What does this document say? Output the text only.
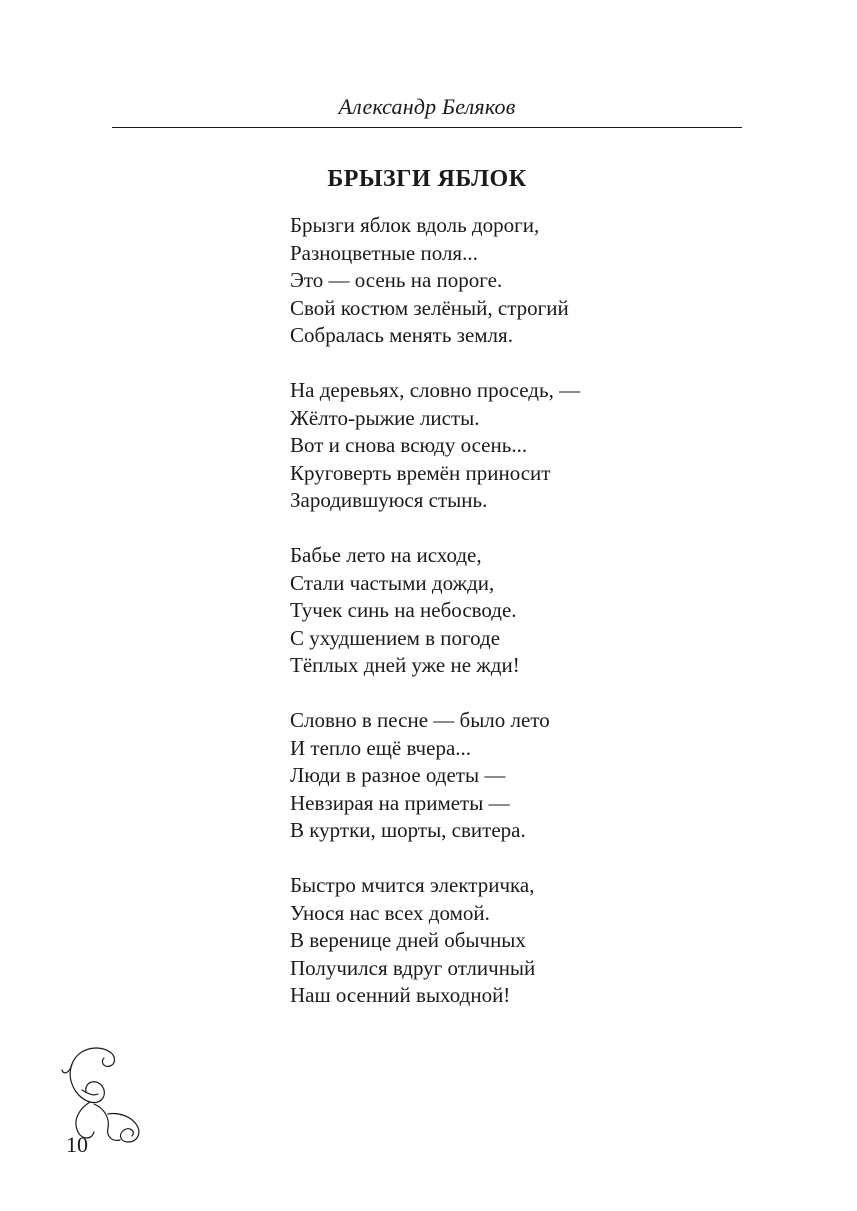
Александр Беляков
БРЫЗГИ ЯБЛОК
Брызги яблок вдоль дороги,
Разноцветные поля...
Это — осень на пороге.
Свой костюм зелёный, строгий
Собралась менять земля.
На деревьях, словно проседь, —
Жёлто-рыжие листы.
Вот и снова всюду осень...
Круговерть времён приносит
Зародившуюся стынь.
Бабье лето на исходе,
Стали частыми дожди,
Тучек синь на небосводе.
С ухудшением в погоде
Тёплых дней уже не жди!
Словно в песне — было лето
И тепло ещё вчера...
Люди в разное одеты —
Невзирая на приметы —
В куртки, шорты, свитера.
Быстро мчится электричка,
Унося нас всех домой.
В веренице дней обычных
Получился вдруг отличный
Наш осенний выходной!
10
